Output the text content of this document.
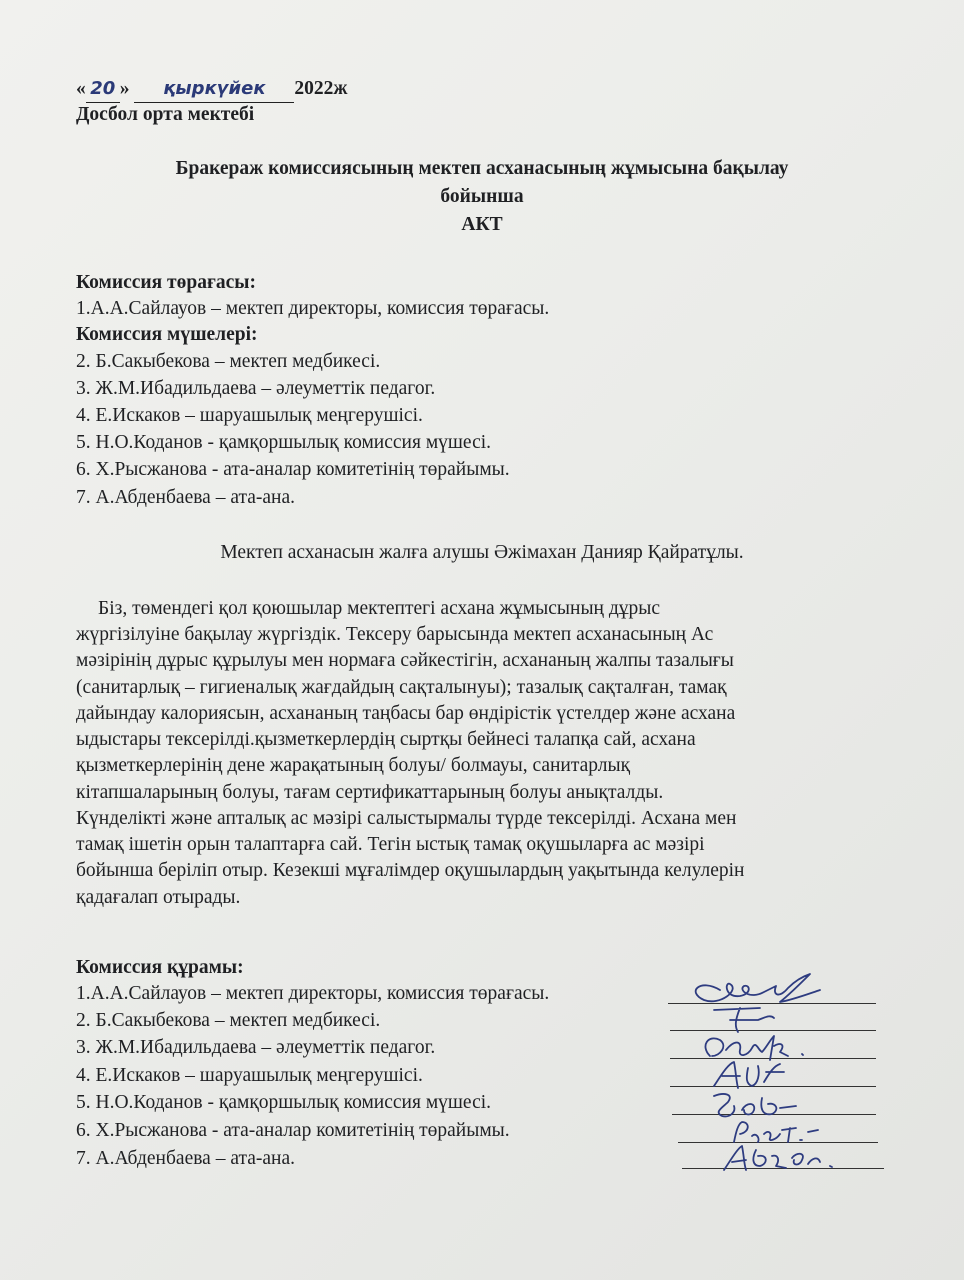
« 20 » қыркүйек 2022ж
Досбол орта мектебі
Бракераж комиссиясының мектеп асханасының жұмысына бақылау
бойынша
АКТ
Комиссия төрағасы:
1.А.А.Сайлауов – мектеп директоры, комиссия төрағасы.
Комиссия мүшелері:
2. Б.Сакыбекова – мектеп медбикесі.
3. Ж.М.Ибадильдаева – әлеуметтік педагог.
4. Е.Искаков – шаруашылық меңгерушісі.
5. Н.О.Коданов - қамқоршылық комиссия мүшесі.
6. Х.Рысжанова - ата-аналар комитетінің төрайымы.
7. А.Абденбаева – ата-ана.
Мектеп асханасын жалға алушы Әжімахан Данияр Қайратұлы.
Біз, төмендегі қол қоюшылар мектептегі асхана жұмысының дұрыс
жүргізілуіне бақылау жүргіздік. Тексеру барысында мектеп асханасының Ас
мәзірінің дұрыс құрылуы мен нормаға сәйкестігін, асхананың жалпы тазалығы
(санитарлық – гигиеналық жағдайдың сақталынуы); тазалық сақталған, тамақ
дайындау калориясын, асхананың таңбасы бар өндірістік үстелдер және асхана
ыдыстары тексерілді.қызметкерлердің сыртқы бейнесі талапқа сай, асхана
қызметкерлерінің дене жарақатының болуы/ болмауы, санитарлық
кітапшаларының болуы, тағам сертификаттарының болуы анықталды.
Күнделікті және апталық ас мәзірі салыстырмалы түрде тексерілді. Асхана мен
тамақ ішетін орын талаптарға сай. Тегін ыстық тамақ оқушыларға ас мәзірі
бойынша беріліп отыр. Кезекші мұғалімдер оқушылардың уақытында келулерін
қадағалап отырады.
Комиссия құрамы:
1.А.А.Сайлауов – мектеп директоры, комиссия төрағасы.
2. Б.Сакыбекова – мектеп медбикесі.
3. Ж.М.Ибадильдаева – әлеуметтік педагог.
4. Е.Искаков – шаруашылық меңгерушісі.
5. Н.О.Коданов - қамқоршылық комиссия мүшесі.
6. Х.Рысжанова - ата-аналар комитетінің төрайымы.
7. А.Абденбаева – ата-ана.
